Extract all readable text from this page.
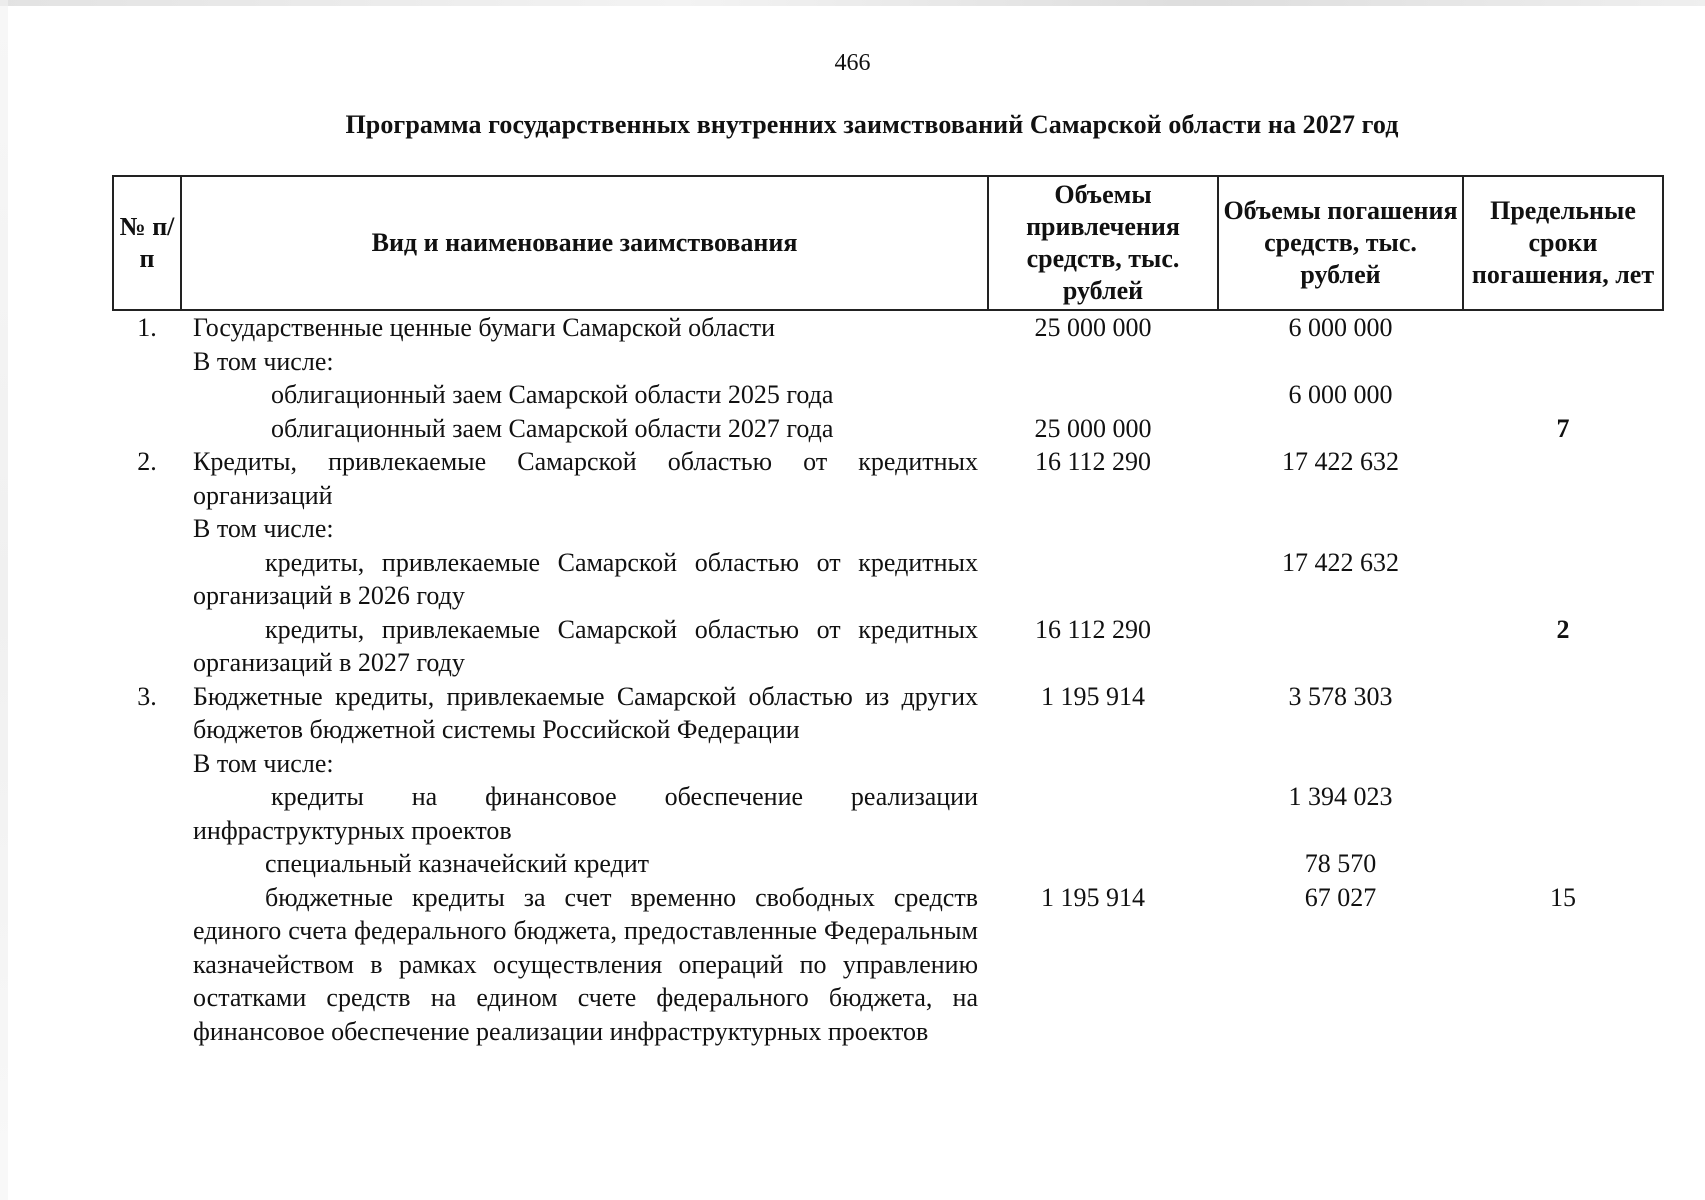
466
Программа государственных внутренних заимствований Самарской области на 2027 год
№ п/п	Вид и наименование заимствования	Объемы привлечения средств, тыс. рублей	Объемы погашения средств, тыс. рублей	Предельные сроки погашения, лет
1.	Государственные ценные бумаги Самарской области	25 000 000	6 000 000	
	В том числе:			
	облигационный заем Самарской области 2025 года		6 000 000	
	облигационный заем Самарской области 2027 года	25 000 000		7
2.	Кредиты, привлекаемые Самарской областью от кредитных организаций	16 112 290	17 422 632	
	В том числе:			
	кредиты, привлекаемые Самарской областью от кредитных организаций в 2026 году		17 422 632	
	кредиты, привлекаемые Самарской областью от кредитных организаций в 2027 году	16 112 290		2
3.	Бюджетные кредиты, привлекаемые Самарской областью из других бюджетов бюджетной системы Российской Федерации	1 195 914	3 578 303	
	В том числе:			
	кредиты на финансовое обеспечение реализации инфраструктурных проектов		1 394 023	
	специальный казначейский кредит		78 570	
	бюджетные кредиты за счет временно свободных средств единого счета федерального бюджета, предоставленные Федеральным казначейством в рамках осуществления операций по управлению остатками средств на едином счете федерального бюджета, на финансовое обеспечение реализации инфраструктурных проектов	1 195 914	67 027	15
